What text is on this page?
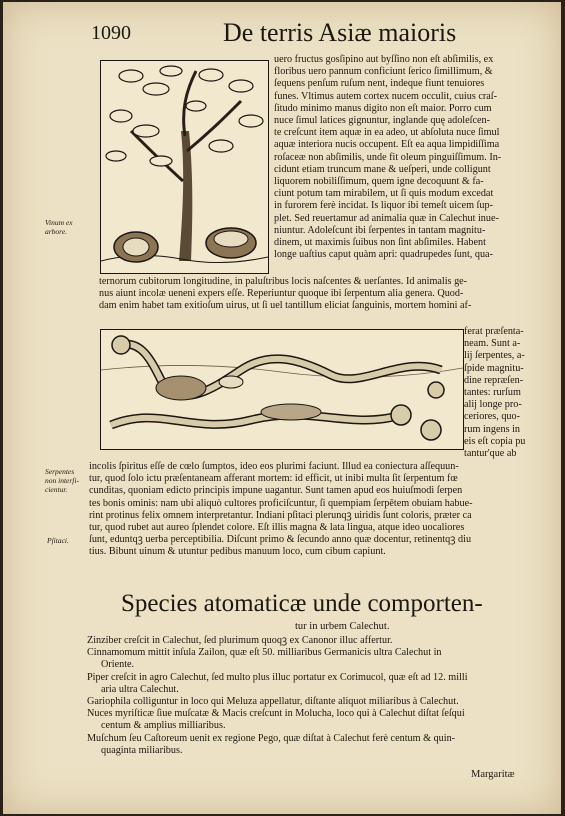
1090	De terris Asiæ maioris
uero fructus gosſipino aut byſſino non eſt abſimilis, ex
floribus uero pannum conficiunt ſerico ſimillimum, &
ſequens penſum ruſum nent, indeque fiunt tenuiores
funes. Vltimus autem cortex nucem occulit, cuius craſ-
ſitudo minimo manus digito non eſt maior. Porro cum
nuce ſimul latices gignuntur, inglande quę adoleſcen-
te creſcunt item aquæ in ea adeo, ut abſoluta nuce ſimul
aquæ interiora nucis occupent. Eſt ea aqua limpidiſſima
roſaceæ non abſimilis, unde fit oleum pinguiſſimum. In-
cidunt etiam truncum mane & ueſperi, unde colligunt
liquorem nobiliſſimum, quem igne decoquunt & fa-
ciunt potum tam mirabilem, ut ſi quis modum excedat
in furorem ferè incidat. Is liquor ibi temeſt uicem ſup-
plet. Sed reuertamur ad animalia quæ in Calechut inue-
niuntur. Adoleſcunt ibi ſerpentes in tantam magnitu-
dinem, ut maximis ſuibus non ſint abſimiles. Habent
longe uaſtius caput quàm apri: quadrupedes ſunt, qua-
Vinum ex
arbore.
ternorum cubitorum longitudine, in paluſtribus locis naſcentes & uerſantes. Id animalis ge-
nus aiunt incolæ ueneni expers eſſe. Reperiuntur quoque ibi ſerpentum alia genera. Quod-
dam enim habet tam exitioſum uirus, ut ſi uel tantillum eliciat ſanguinis, mortem homini af-
ferat præſenta-
neam. Sunt a-
lij ſerpentes, a-
ſpide magnitu-
dine repræſen-
tantes: rurſum
alij longe pro-
ceriores, quo-
rum ingens in
eis eſt copia pu
tantur'que ab
Serpentes
non interſi-
cientur.
Pſitaci.
incolis ſpiritus eſſe de cœlo ſumptos, ideo eos plurimi faciunt. Illud ea coniectura aſſequun-
tur, quod ſolo ictu præſentaneam afferant mortem: id efficit, ut inibi multa ſit ſerpentum fœ
cunditas, quoniam edicto principis impune uagantur. Sunt tamen apud eos huiuſmodi ſerpen
tes bonis ominis: nam ubi aliquò cultores proficiſcuntur, ſi quempiam ſerpētem obuiam habue-
rint protinus felix omnem interpretantur. Indiani pſitaci plerunqꝫ uiridis ſunt coloris, præter ca
tur, quod rubet aut aureo ſplendet colore. Eſt illis magna & lata lingua, atque ideo uocaliores
ſunt, eduntqꝫ uerba perceptibilia. Diſcunt primo & ſecundo anno quæ docentur, retinentqꝫ diu
tius. Bibunt uinum & utuntur pedibus manuum loco, cum cibum capiunt.
Species atomaticæ unde comporten-
tur in urbem Calechut.
Zinziber creſcit in Calechut, ſed plurimum quoqꝫ ex Canonor illuc affertur.
Cinnamomum mittit inſula Zailon, quæ eſt 50. milliaribus Germanicis ultra Calechut in
Oriente.
Piper creſcit in agro Calechut, ſed multo plus illuc portatur ex Corimucol, quæ eſt ad 12. milli
aria ultra Calechut.
Gariophila colliguntur in loco qui Meluza appellatur, diſtante aliquot miliaribus à Calechut.
Nuces myriſticæ ſiue muſcatæ & Macis creſcunt in Molucha, loco qui à Calechut diſtat ſeſqui
centum & amplius milliaribus.
Muſchum ſeu Caſtoreum uenit ex regione Pego, quæ diſtat à Calechut ferè centum & quin-
quaginta miliaribus.
Margaritæ
